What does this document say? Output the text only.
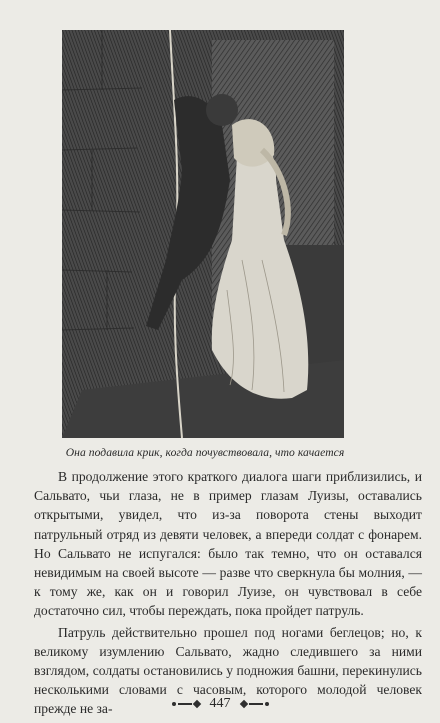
Она подавила крик, когда почувствовала, что качается

В продолжение этого краткого диалога шаги приблизились, и Сальвато, чьи глаза, не в пример глазам Луизы, оставались открытыми, увидел, что из-за поворота стены выходит патрульный отряд из девяти человек, а впереди солдат с фонарем. Но Сальвато не испугался: было так темно, что он оставался невидимым на своей высоте — разве что сверкнула бы молния, — к тому же, как он и говорил Луизе, он чувствовал в себе достаточно сил, чтобы переждать, пока пройдет патруль.

Патруль действительно прошел под ногами беглецов; но, к великому изумлению Сальвато, жадно следившего за ними взглядом, солдаты остановились у подножия башни, перекинулись несколькими словами с часовым, которого молодой человек прежде не за-	447
